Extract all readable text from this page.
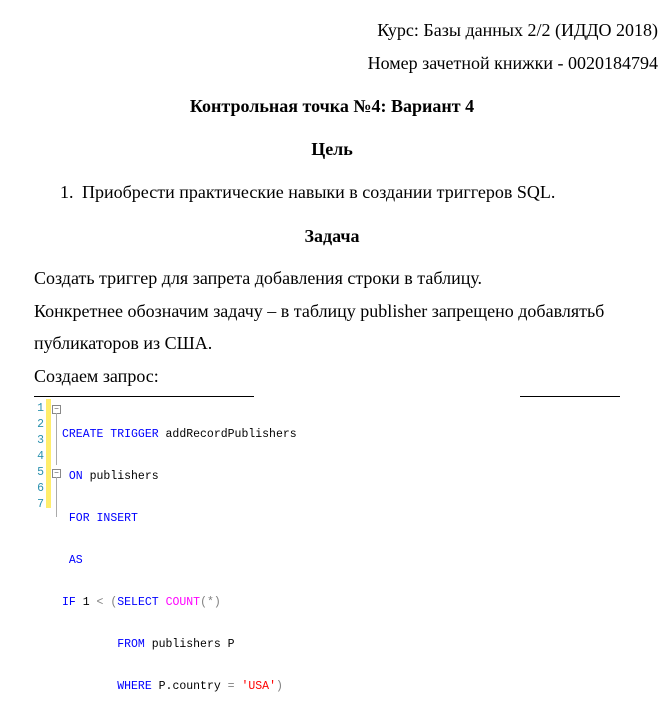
Курс: Базы данных 2/2 (ИДДО 2018)
Номер зачетной книжки - 0020184794
Контрольная точка №4: Вариант 4
Цель
1. Приобрести практические навыки в создании триггеров SQL.
Задача
Создать триггер для запрета добавления строки в таблицу.
Конкретнее обозначим задачу – в таблицу publisher запрещено добавлятьб
публикаторов из США.
Создаем запрос:
1
2
3
4
5
6
7
−
−

CREATE TRIGGER addRecordPublishers

ON publishers

FOR INSERT

AS

IF 1 < (SELECT COUNT(*)

FROM publishers P

WHERE P.country = 'USA')
